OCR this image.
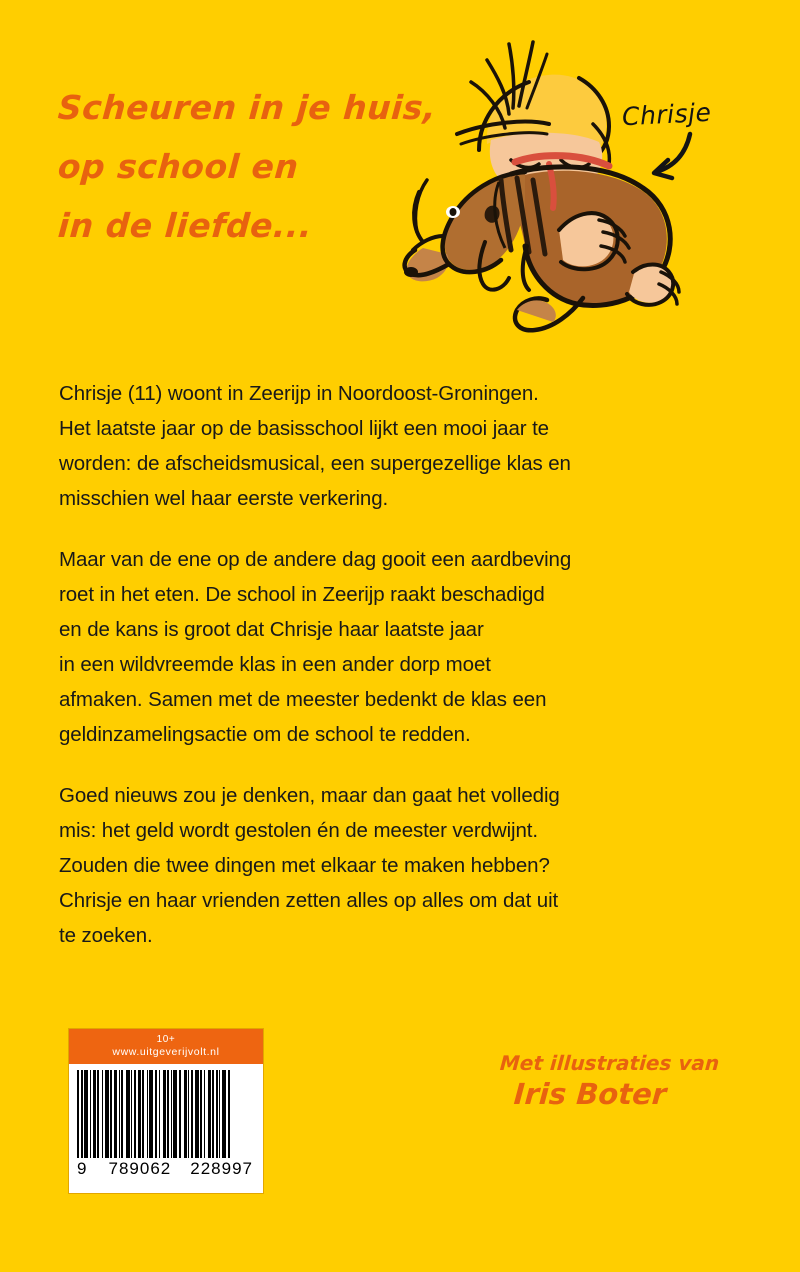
Scheuren in je huis,
op school en
in de liefde...
Chrisje

Chrisje (11) woont in Zeerijp in Noordoost-Groningen.
Het laatste jaar op de basisschool lijkt een mooi jaar te
worden: de afscheidsmusical, een supergezellige klas en
misschien wel haar eerste verkering.

Maar van de ene op de andere dag gooit een aardbeving
roet in het eten. De school in Zeerijp raakt beschadigd
en de kans is groot dat Chrisje haar laatste jaar
in een wildvreemde klas in een ander dorp moet
afmaken. Samen met de meester bedenkt de klas een
geldinzamelingsactie om de school te redden.

Goed nieuws zou je denken, maar dan gaat het volledig
mis: het geld wordt gestolen én de meester verdwijnt.
Zouden die twee dingen met elkaar te maken hebben?
Chrisje en haar vrienden zetten alles op alles om dat uit
te zoeken.

10+
www.uitgeverijvolt.nl
9 789062 228997
Met illustraties van
Iris Boter
